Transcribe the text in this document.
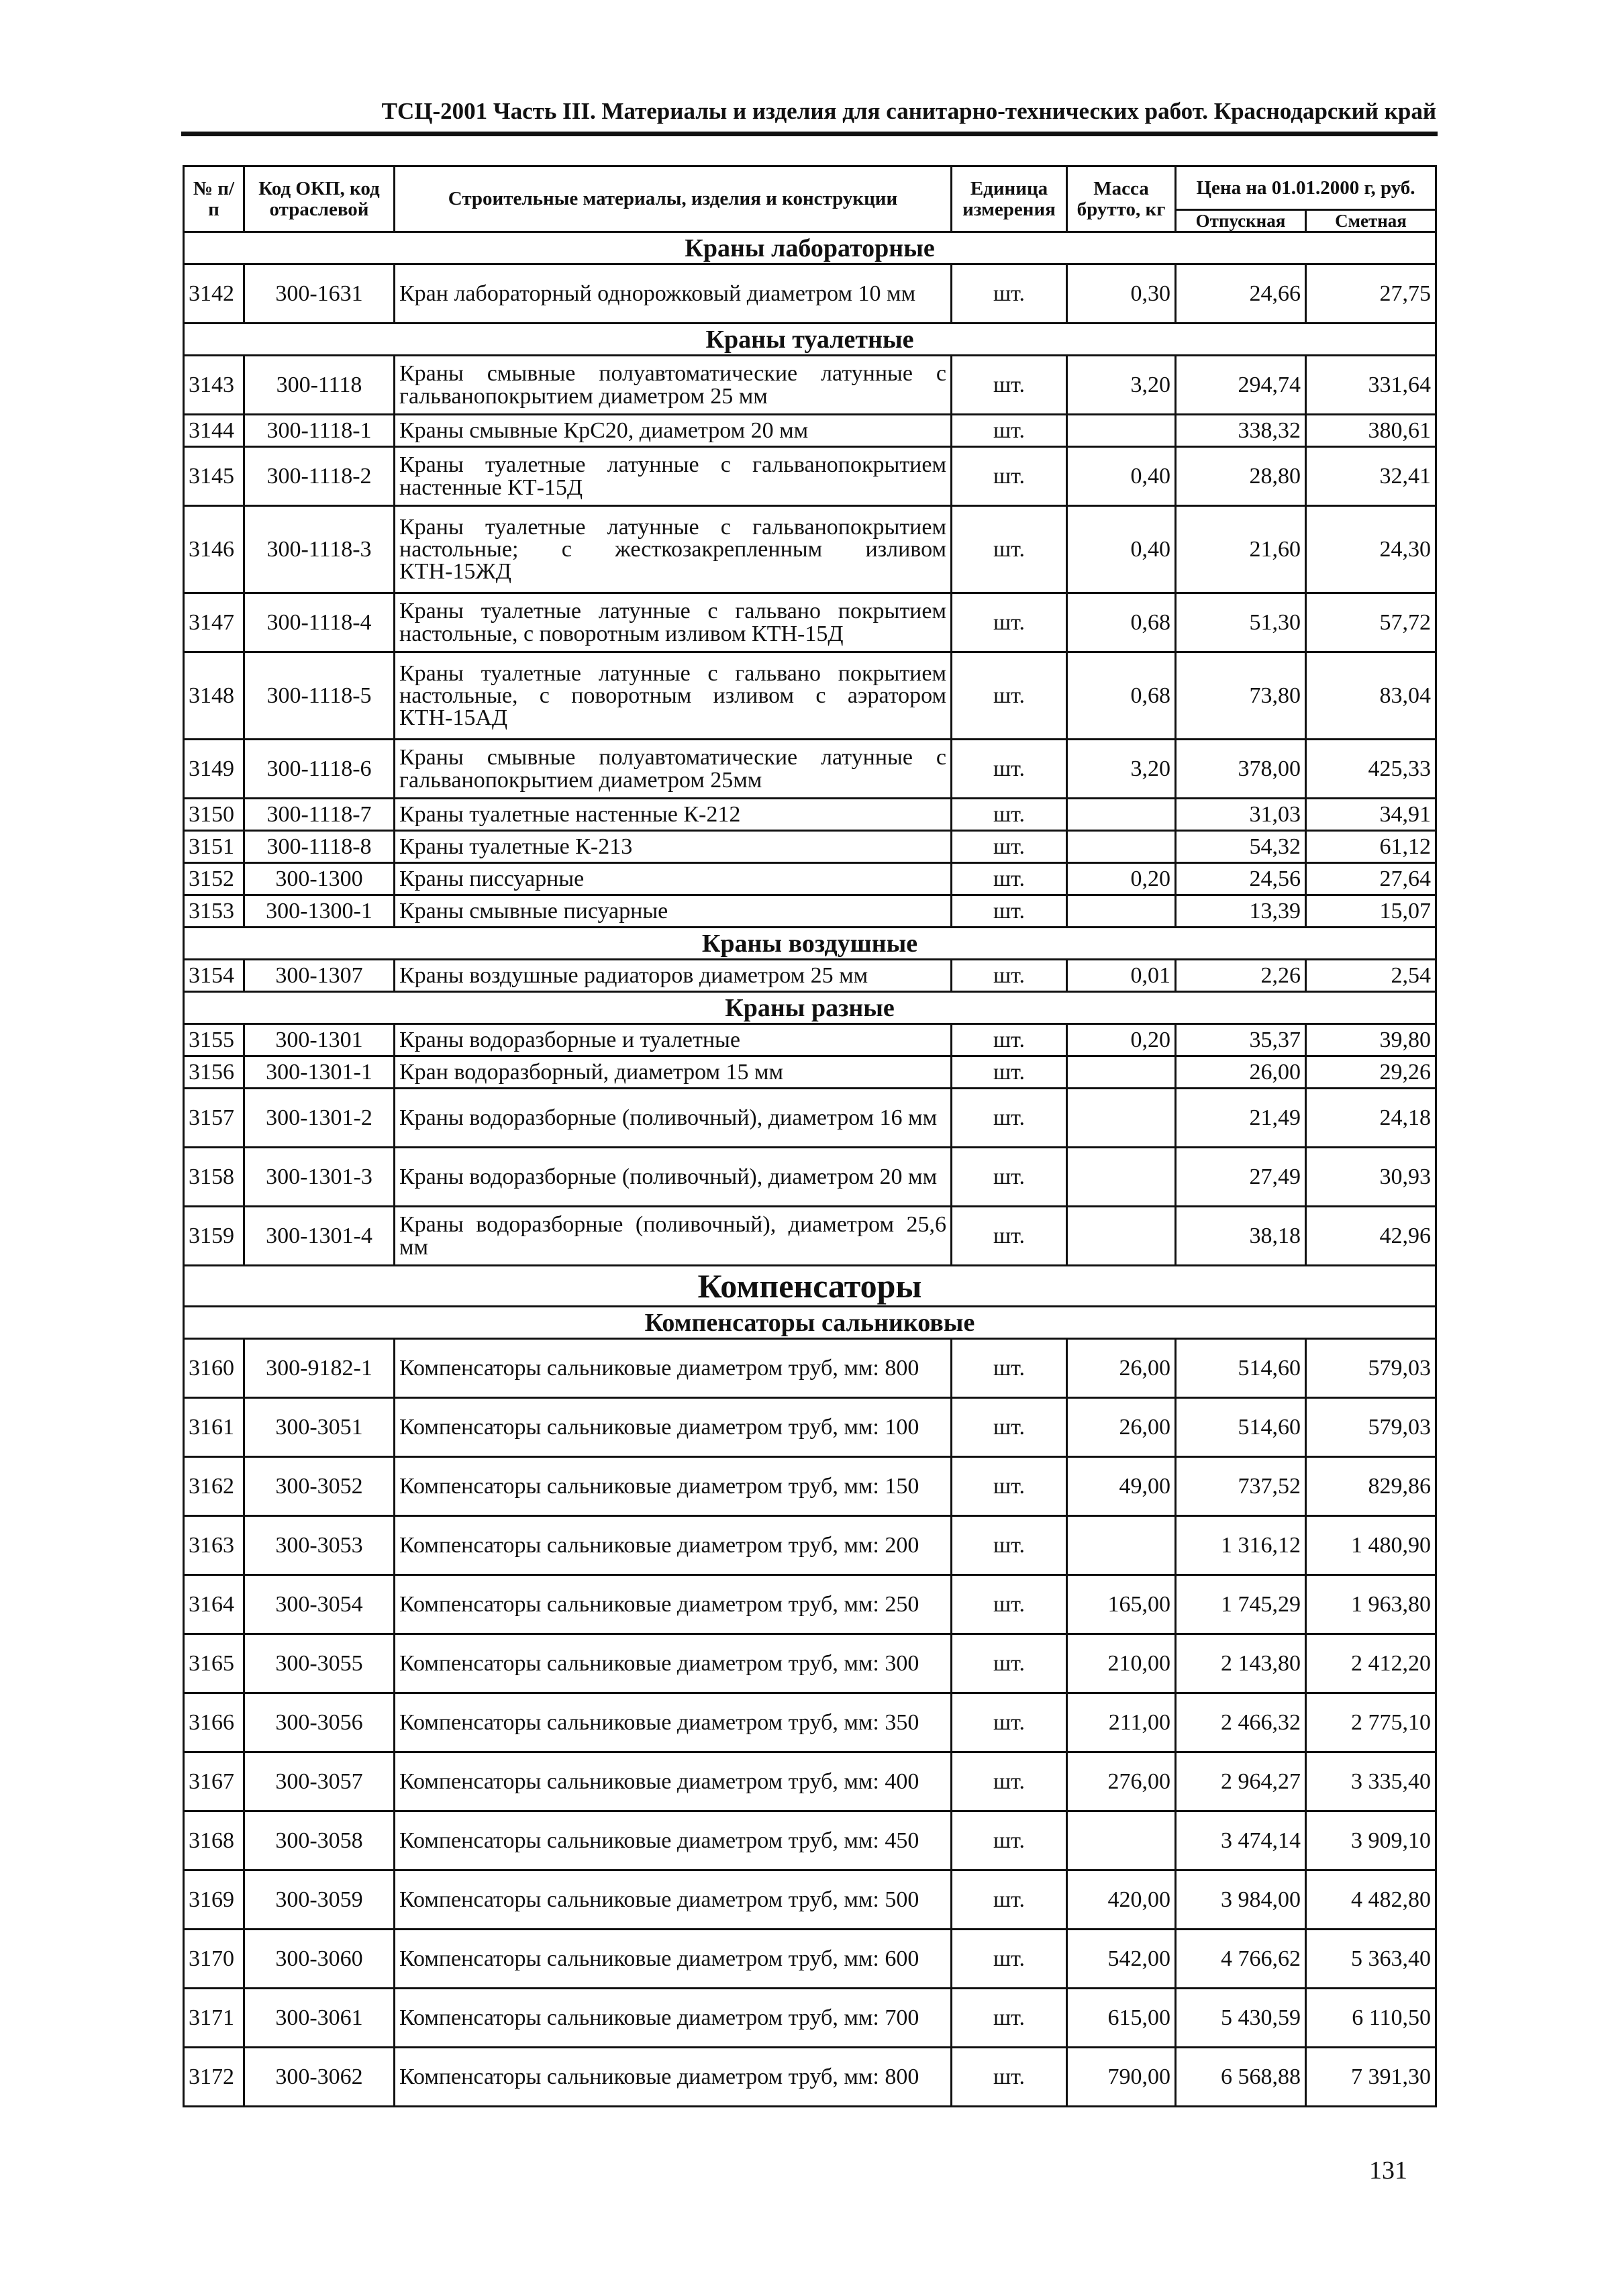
ТСЦ-2001 Часть III. Материалы и изделия для санитарно-технических работ. Краснодарский край
№ п/п	Код ОКП, код отраслевой	Строительные материалы, изделия и конструкции	Единица измерения	Масса брутто, кг	Цена на 01.01.2000 г, руб.	
					Отпускная	Сметная
Краны лабораторные						
3142	300-1631	Кран лабораторный однорожковый диаметром 10 мм	шт.	0,30	24,66	27,75
Краны туалетные						
3143	300-1118	Краны смывные полуавтоматические латунные с гальванопокрытием диаметром 25 мм	шт.	3,20	294,74	331,64
3144	300-1118-1	Краны смывные КрС20, диаметром 20 мм	шт.		338,32	380,61
3145	300-1118-2	Краны туалетные латунные с гальванопокрытием настенные КТ-15Д	шт.	0,40	28,80	32,41
3146	300-1118-3	Краны туалетные латунные с гальванопокрытием настольные; с жесткозакрепленным изливом КТН-15ЖД	шт.	0,40	21,60	24,30
3147	300-1118-4	Краны туалетные латунные с гальвано покрытием настольные, с поворотным изливом КТН-15Д	шт.	0,68	51,30	57,72
3148	300-1118-5	Краны туалетные латунные с гальвано покрытием настольные, с поворотным изливом с аэратором КТН-15АД	шт.	0,68	73,80	83,04
3149	300-1118-6	Краны смывные полуавтоматические латунные с гальванопокрытием диаметром 25мм	шт.	3,20	378,00	425,33
3150	300-1118-7	Краны туалетные настенные К-212	шт.		31,03	34,91
3151	300-1118-8	Краны туалетные К-213	шт.		54,32	61,12
3152	300-1300	Краны писсуарные	шт.	0,20	24,56	27,64
3153	300-1300-1	Краны смывные писуарные	шт.		13,39	15,07
Краны воздушные						
3154	300-1307	Краны воздушные радиаторов диаметром 25 мм	шт.	0,01	2,26	2,54
Краны разные						
3155	300-1301	Краны водоразборные и туалетные	шт.	0,20	35,37	39,80
3156	300-1301-1	Кран водоразборный, диаметром 15 мм	шт.		26,00	29,26
3157	300-1301-2	Краны водоразборные (поливочный), диаметром 16 мм	шт.		21,49	24,18
3158	300-1301-3	Краны водоразборные (поливочный), диаметром 20 мм	шт.		27,49	30,93
3159	300-1301-4	Краны водоразборные (поливочный), диаметром 25,6 мм	шт.		38,18	42,96
Компенсаторы						
Компенсаторы сальниковые						
3160	300-9182-1	Компенсаторы сальниковые диаметром труб, мм: 800	шт.	26,00	514,60	579,03
3161	300-3051	Компенсаторы сальниковые диаметром труб, мм: 100	шт.	26,00	514,60	579,03
3162	300-3052	Компенсаторы сальниковые диаметром труб, мм: 150	шт.	49,00	737,52	829,86
3163	300-3053	Компенсаторы сальниковые диаметром труб, мм: 200	шт.		1 316,12	1 480,90
3164	300-3054	Компенсаторы сальниковые диаметром труб, мм: 250	шт.	165,00	1 745,29	1 963,80
3165	300-3055	Компенсаторы сальниковые диаметром труб, мм: 300	шт.	210,00	2 143,80	2 412,20
3166	300-3056	Компенсаторы сальниковые диаметром труб, мм: 350	шт.	211,00	2 466,32	2 775,10
3167	300-3057	Компенсаторы сальниковые диаметром труб, мм: 400	шт.	276,00	2 964,27	3 335,40
3168	300-3058	Компенсаторы сальниковые диаметром труб, мм: 450	шт.		3 474,14	3 909,10
3169	300-3059	Компенсаторы сальниковые диаметром труб, мм: 500	шт.	420,00	3 984,00	4 482,80
3170	300-3060	Компенсаторы сальниковые диаметром труб, мм: 600	шт.	542,00	4 766,62	5 363,40
3171	300-3061	Компенсаторы сальниковые диаметром труб, мм: 700	шт.	615,00	5 430,59	6 110,50
3172	300-3062	Компенсаторы сальниковые диаметром труб, мм: 800	шт.	790,00	6 568,88	7 391,30
131
